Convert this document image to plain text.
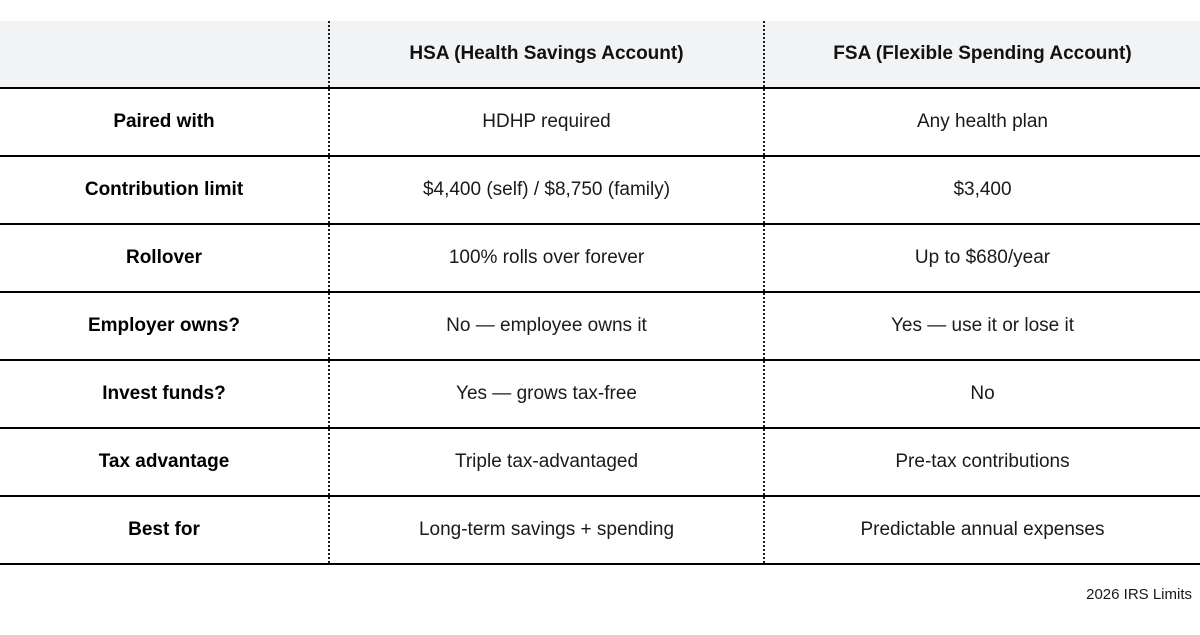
	HSA (Health Savings Account)	FSA (Flexible Spending Account)
Paired with	HDHP required	Any health plan
Contribution limit	$4,400 (self) / $8,750 (family)	$3,400
Rollover	100% rolls over forever	Up to $680/year
Employer owns?	No — employee owns it	Yes — use it or lose it
Invest funds?	Yes — grows tax-free	No
Tax advantage	Triple tax-advantaged	Pre-tax contributions
Best for	Long-term savings + spending	Predictable annual expenses
2026 IRS Limits
